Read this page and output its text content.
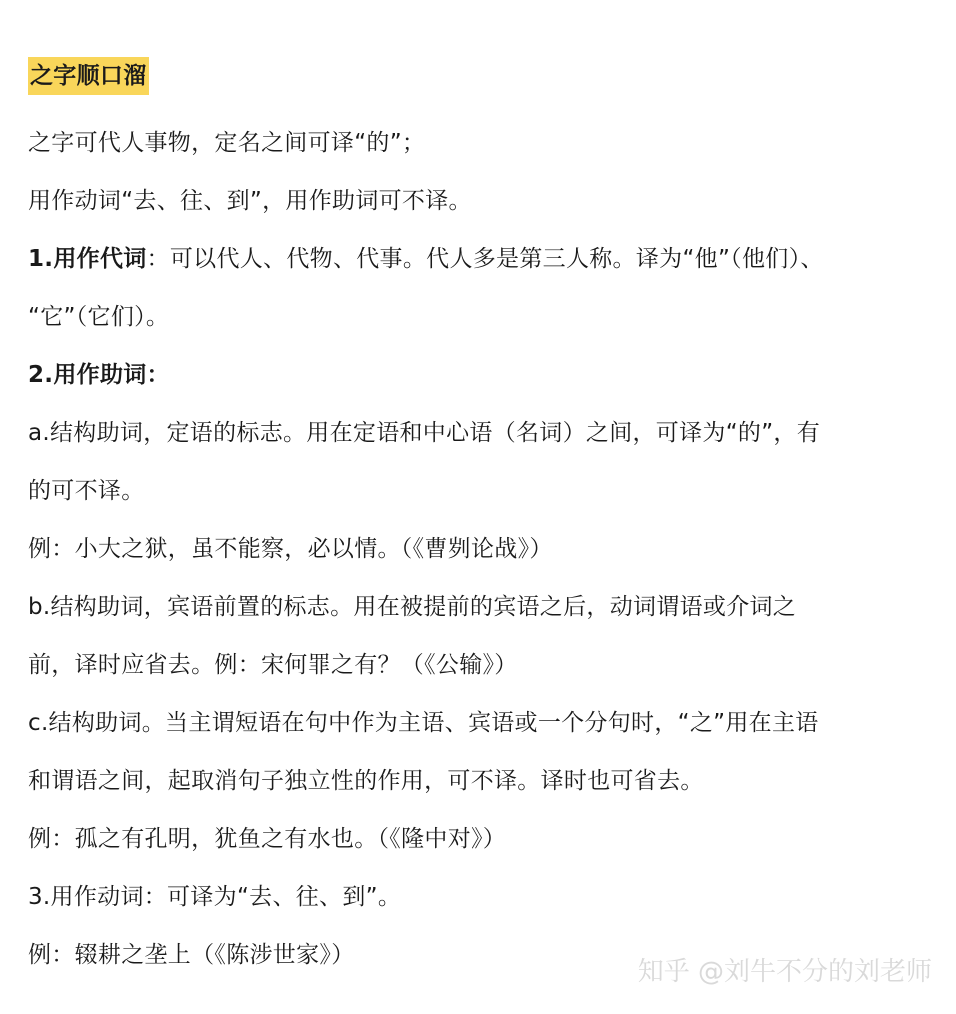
之字顺口溜
之字可代人事物，定名之间可译“的”；
用作动词“去、往、到”，用作助词可不译。
1.用作代词：可以代人、代物、代事。代人多是第三人称。译为“他”（他们）、
“它”（它们）。
2.用作助词：
a.结构助词，定语的标志。用在定语和中心语（名词）之间，可译为“的”，有
的可不译。
例：小大之狱，虽不能察，必以情。（《曹刿论战》）
b.结构助词，宾语前置的标志。用在被提前的宾语之后，动词谓语或介词之
前，译时应省去。例：宋何罪之有？（《公输》）
c.结构助词。当主谓短语在句中作为主语、宾语或一个分句时，“之”用在主语
和谓语之间，起取消句子独立性的作用，可不译。译时也可省去。
例：孤之有孔明，犹鱼之有水也。（《隆中对》）
3.用作动词：可译为“去、往、到”。
例：辍耕之垄上（《陈涉世家》）
知乎 @刘牛不分的刘老师
